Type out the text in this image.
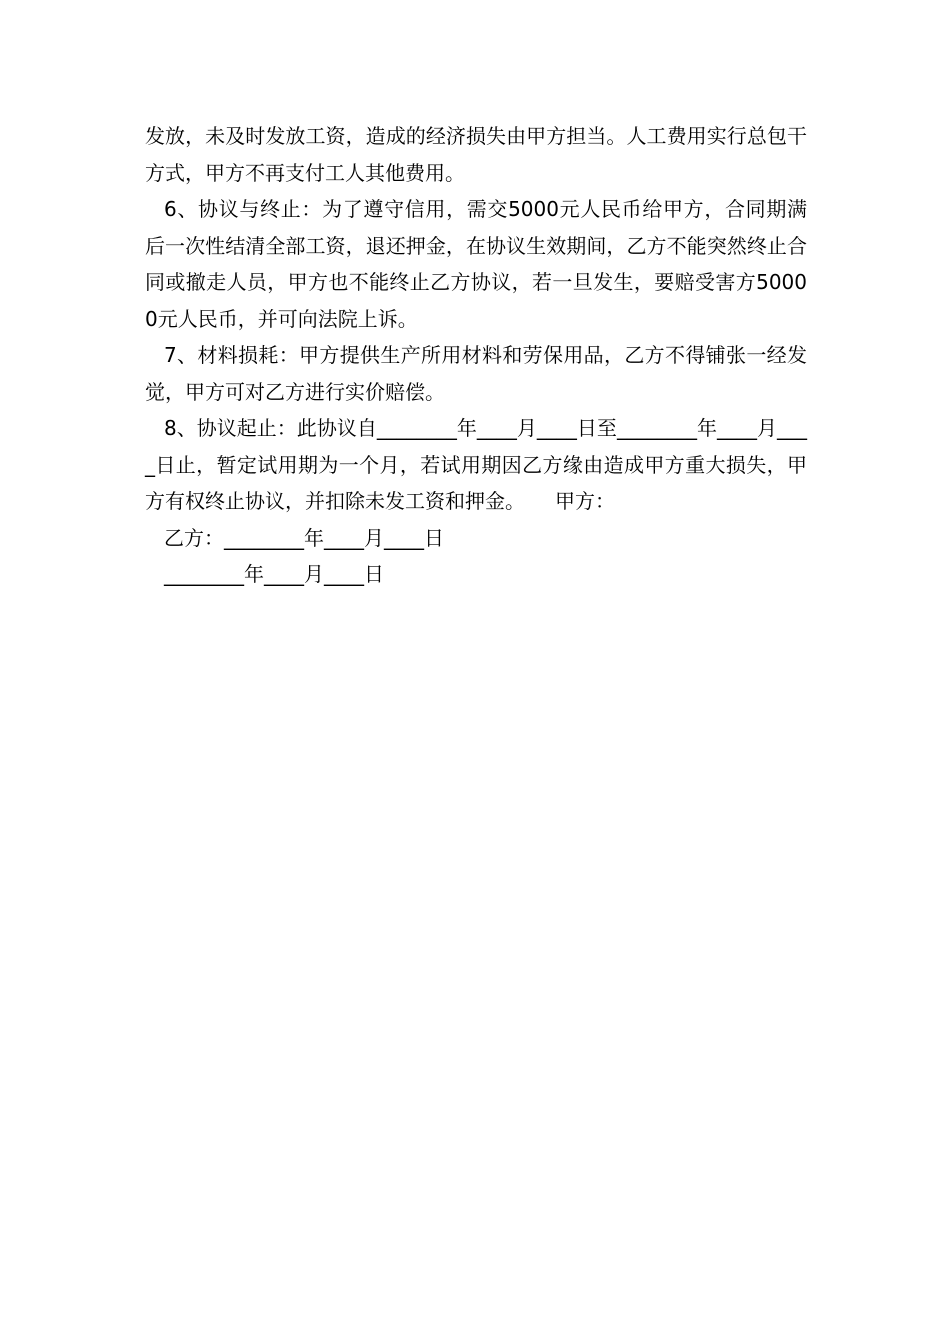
发放，未及时发放工资，造成的经济损失由甲方担当。人工费用实行总包干方式，甲方不再支付工人其他费用。

6、协议与终止：为了遵守信用，需交5000元人民币给甲方，合同期满后一次性结清全部工资，退还押金，在协议生效期间，乙方不能突然终止合同或撤走人员，甲方也不能终止乙方协议，若一旦发生，要赔受害方50000元人民币，并可向法院上诉。

7、材料损耗：甲方提供生产所用材料和劳保用品，乙方不得铺张一经发觉，甲方可对乙方进行实价赔偿。

8、协议起止：此协议自________年____月____日至________年____月____日止，暂定试用期为一个月，若试用期因乙方缘由造成甲方重大损失，甲方有权终止协议，并扣除未发工资和押金。　　甲方：

乙方：________年____月____日

________年____月____日
